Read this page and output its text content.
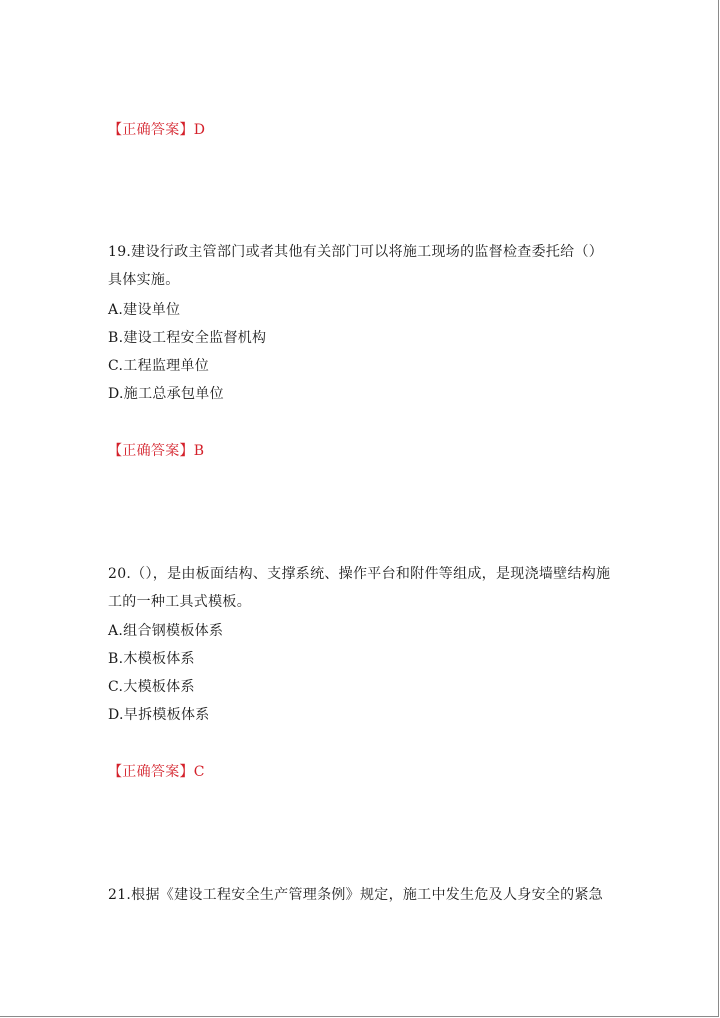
【正确答案】D
19.建设行政主管部门或者其他有关部门可以将施工现场的监督检查委托给（）
具体实施。
A.建设单位
B.建设工程安全监督机构
C.工程监理单位
D.施工总承包单位
【正确答案】B
20.（），是由板面结构、支撑系统、操作平台和附件等组成，是现浇墙壁结构施
工的一种工具式模板。
A.组合钢模板体系
B.木模板体系
C.大模板体系
D.早拆模板体系
【正确答案】C
21.根据《建设工程安全生产管理条例》规定，施工中发生危及人身安全的紧急
